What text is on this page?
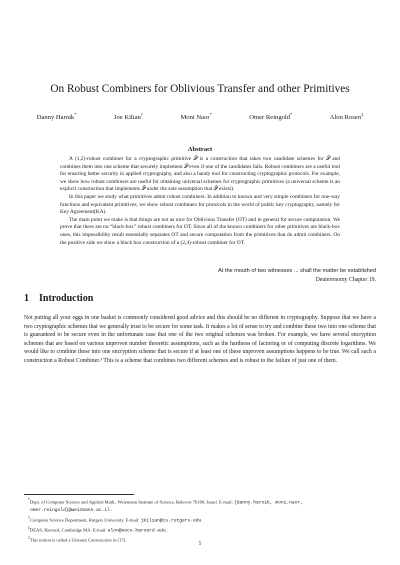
On Robust Combiners for Oblivious Transfer and other Primitives
Danny Harnik*	Joe Kilian†	Moni Naor*	Omer Reingold*	Alon Rosen‡
Abstract

A (1,2)-robust combiner for a cryptographic primitive 𝒫 is a construction that takes two candidate schemes for 𝒫 and combines them into one scheme that securely implement 𝒫 even if one of the candidates fails. Robust combiners are a useful tool for ensuring better security in applied cryptography, and also a handy tool for constructing cryptographic protocols. For example, we show how robust combiners are useful for obtaining universal schemes for cryptographic primitives (a universal scheme is an explicit construction that implements 𝒫 under the sole assumption that 𝒫 exists).

In this paper we study what primitives admit robust combiners. In addition to known and very simple combiners for one-way functions and equivalent primitives, we show robust combiners for protocols in the world of public key cryptography, namely for Key Agreement(KA).

The main point we make is that things are not as nice for Oblivious Transfer (OT) and in general for secure computation. We prove that there are no “black-box” robust combiners for OT. Since all of the known combiners for other primitives are black-box ones, this impossibility result essentially separates OT and secure computation from the primitives that do admit combiners. On the positive side we show a black box construction of a (2,4)-robust combiner for OT.

At the mouth of two witnesses ... shall the matter be established
Deuteronomy Chapter 19.
1 Introduction

Not putting all your eggs in one basket is commonly considered good advice and this should be no different in cryptography. Suppose that we have a two cryptographic schemes that we generally trust to be secure for some task. It makes a lot of sense to try and combine these two into one scheme that is guaranteed to be secure even in the unfortunate case that one of the two original schemes was broken. For example, we have several encryption schemes that are based on various unproven number theoretic assumptions, such as the hardness of factoring or of computing discrete logarithms. We would like to combine these into one encryption scheme that is secure if at least one of these unproven assumptions happens to be true. We call such a construction a Robust Combiner.¹ This is a scheme that combines two different schemes and is robust to the failure of just one of them.

*Dept. of Computer Science and Applied Math., Weizmann Institute of Science, Rehovot 76100, Israel. E-mail: {danny.harnik, moni.naor, omer.reingold}@weizmann.ac.il.
†Computer Science Department, Rutgers University. E-mail: jkilian@cs.rutgers.edu
‡DEAS, Harvard, Cambridge MA. E-mail: alon@eecs.harvard.edu.
$^1$This notion is called a Tolerant Construction in [17].
1
